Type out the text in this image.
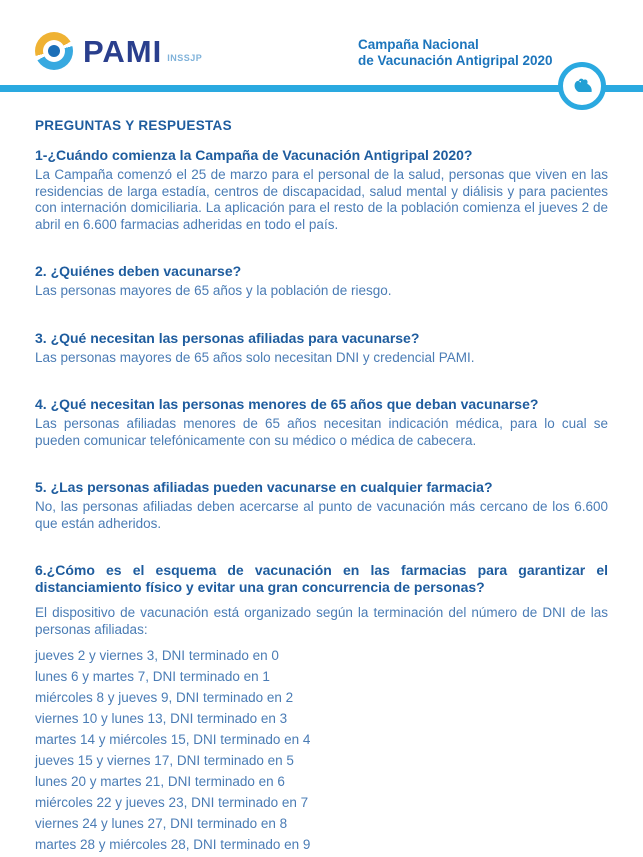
PAMI INSSJP
Campaña Nacional
de Vacunación Antigripal 2020
PREGUNTAS Y RESPUESTAS

1-¿Cuándo comienza la Campaña de Vacunación Antigripal 2020?

La Campaña comenzó el 25 de marzo para el personal de la salud, personas que viven en las residencias de larga estadía, centros de discapacidad, salud mental y diálisis y para pacientes con internación domiciliaria. La aplicación para el resto de la población comienza el jueves 2 de abril en 6.600 farmacias adheridas en todo el país.

2. ¿Quiénes deben vacunarse?

Las personas mayores de 65 años y la población de riesgo.

3. ¿Qué necesitan las personas afiliadas para vacunarse?

Las personas mayores de 65 años solo necesitan DNI y credencial PAMI.

4. ¿Qué necesitan las personas menores de 65 años que deban vacunarse?

Las personas afiliadas menores de 65 años necesitan indicación médica, para lo cual se pueden comunicar telefónicamente con su médico o médica de cabecera.

5. ¿Las personas afiliadas pueden vacunarse en cualquier farmacia?

No, las personas afiliadas deben acercarse al punto de vacunación más cercano de los 6.600 que están adheridos.

6.¿Cómo es el esquema de vacunación en las farmacias para garantizar el distanciamiento físico y evitar una gran concurrencia de personas?

El dispositivo de vacunación está organizado según la terminación del número de DNI de las personas afiliadas:

jueves 2 y viernes 3, DNI terminado en 0
lunes 6 y martes 7, DNI terminado en 1
miércoles 8 y jueves 9, DNI terminado en 2
viernes 10 y lunes 13, DNI terminado en 3
martes 14 y miércoles 15, DNI terminado en 4
jueves 15 y viernes 17, DNI terminado en 5
lunes 20 y martes 21, DNI terminado en 6
miércoles 22 y jueves 23, DNI terminado en 7
viernes 24 y lunes 27, DNI terminado en 8
martes 28 y miércoles 28, DNI terminado en 9
